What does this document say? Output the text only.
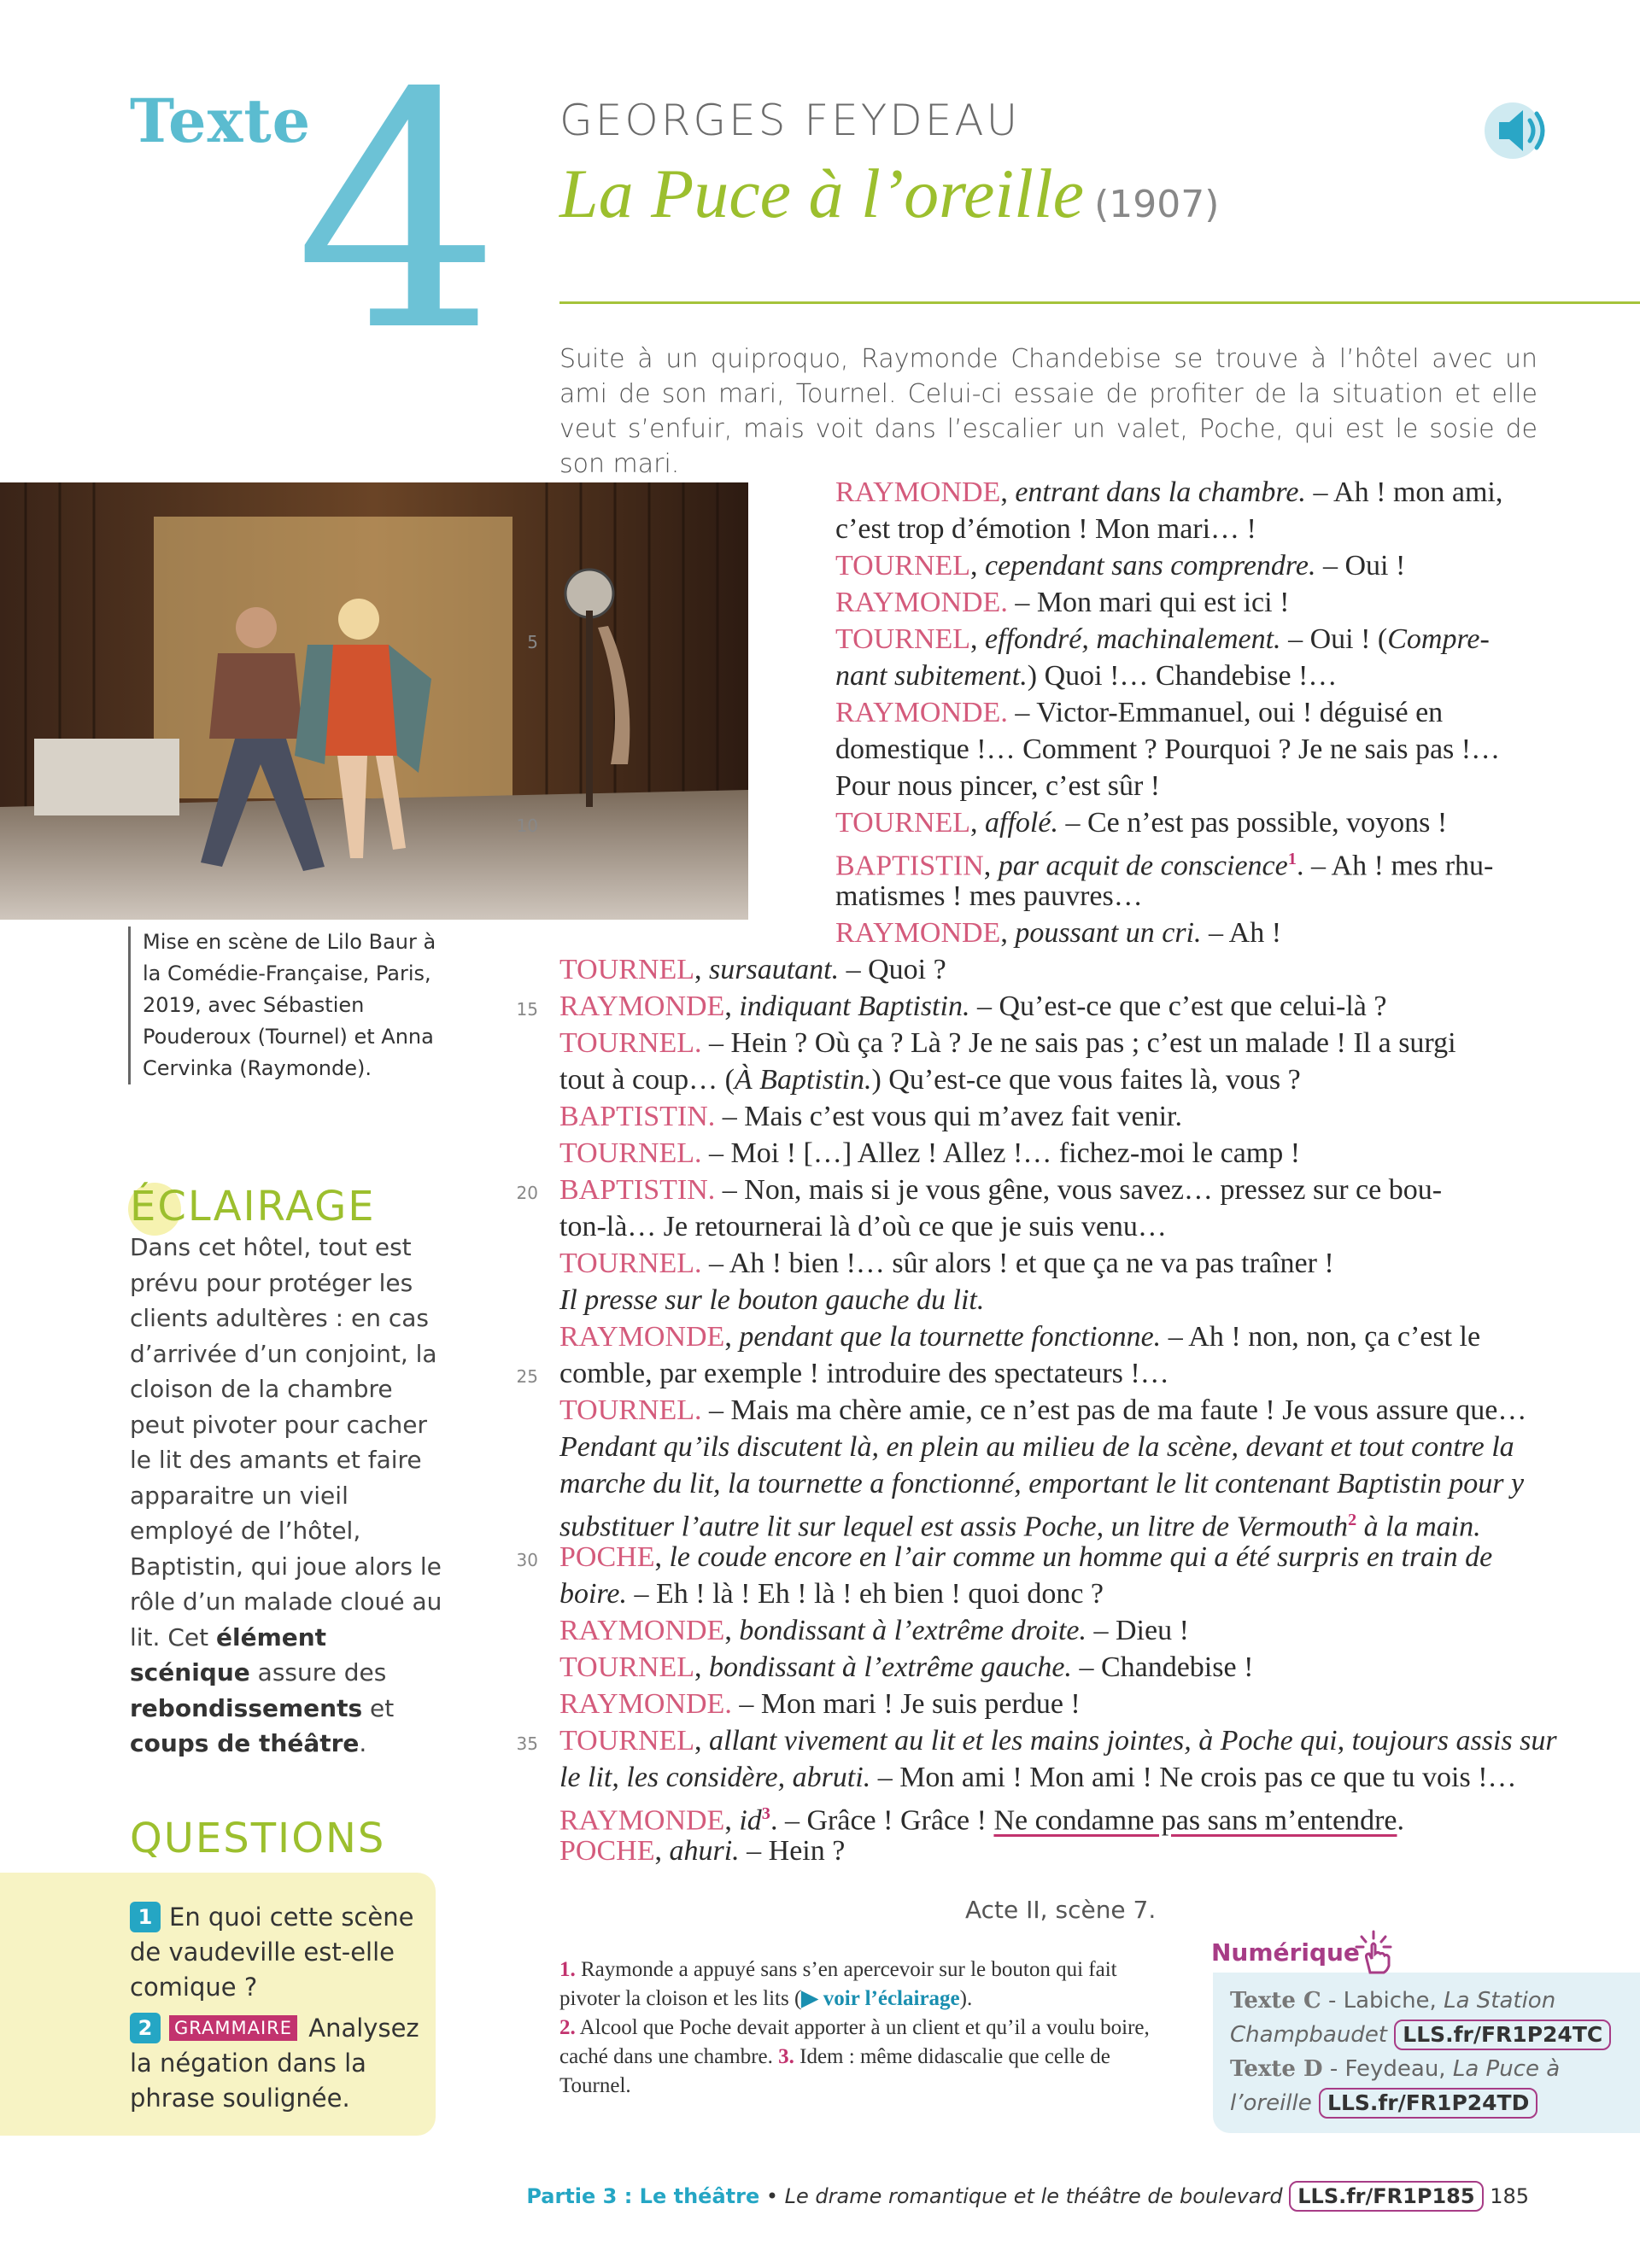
Texte
4 GEORGES FEYDEAU
La Puce à l’oreille (1907)
Suite à un quiproquo, Raymonde Chandebise se trouve à l’hôtel avec un ami de son mari, Tournel. Celui-ci essaie de profiter de la situation et elle veut s’enfuir, mais voit dans l’escalier un valet, Poche, qui est le sosie de son mari.
Mise en scène de Lilo Baur à la Comédie-Française, Paris, 2019, avec Sébastien Pouderoux (Tournel) et Anna Cervinka (Raymonde).
ÉCLAIRAGE
Dans cet hôtel, tout est prévu pour protéger les clients adultères : en cas d’arrivée d’un conjoint, la cloison de la chambre peut pivoter pour cacher le lit des amants et faire apparaitre un vieil employé de l’hôtel, Baptistin, qui joue alors le rôle d’un malade cloué au lit. Cet élément scénique assure des rebondissements et coups de théâtre.
QUESTIONS
1 En quoi cette scène de vaudeville est-elle comique ?
2 GRAMMAIRE Analysez la négation dans la phrase soulignée.
RAYMONDE, entrant dans la chambre. – Ah ! mon ami,
c’est trop d’émotion ! Mon mari… !
TOURNEL, cependant sans comprendre. – Oui !
RAYMONDE. – Mon mari qui est ici !
5	TOURNEL, effondré, machinalement. – Oui ! (Compre-
nant subitement.) Quoi !… Chandebise !…
RAYMONDE. – Victor-Emmanuel, oui ! déguisé en
domestique !… Comment ? Pourquoi ? Je ne sais pas !…
Pour nous pincer, c’est sûr !
10	TOURNEL, affolé. – Ce n’est pas possible, voyons !
BAPTISTIN, par acquit de conscience$^1$. – Ah ! mes rhu-
matismes ! mes pauvres…
RAYMONDE, poussant un cri. – Ah !
TOURNEL, sursautant. – Quoi ?
15 RAYMONDE, indiquant Baptistin. – Qu’est-ce que c’est que celui-là ?
TOURNEL. – Hein ? Où ça ? Là ? Je ne sais pas ; c’est un malade ! Il a surgi
tout à coup… (À Baptistin.) Qu’est-ce que vous faites là, vous ?
BAPTISTIN. – Mais c’est vous qui m’avez fait venir.
TOURNEL. – Moi ! […] Allez ! Allez !… fichez-moi le camp !
20 BAPTISTIN. – Non, mais si je vous gêne, vous savez… pressez sur ce bou-
ton-là… Je retournerai là d’où ce que je suis venu…
TOURNEL. – Ah ! bien !… sûr alors ! et que ça ne va pas traîner !
Il presse sur le bouton gauche du lit.
RAYMONDE, pendant que la tournette fonctionne. – Ah ! non, non, ça c’est le
25 comble, par exemple ! introduire des spectateurs !…
TOURNEL. – Mais ma chère amie, ce n’est pas de ma faute ! Je vous assure que…
Pendant qu’ils discutent là, en plein au milieu de la scène, devant et tout contre la
marche du lit, la tournette a fonctionné, emportant le lit contenant Baptistin pour y
substituer l’autre lit sur lequel est assis Poche, un litre de Vermouth$^2$ à la main.
30 POCHE, le coude encore en l’air comme un homme qui a été surpris en train de
boire. – Eh ! là ! Eh ! là ! eh bien ! quoi donc ?
RAYMONDE, bondissant à l’extrême droite. – Dieu !
TOURNEL, bondissant à l’extrême gauche. – Chandebise !
RAYMONDE. – Mon mari ! Je suis perdue !
35 TOURNEL, allant vivement au lit et les mains jointes, à Poche qui, toujours assis sur
le lit, les considère, abruti. – Mon ami ! Mon ami ! Ne crois pas ce que tu vois !…
RAYMONDE, $id^3$. – Grâce ! Grâce ! Ne condamne pas sans m’entendre.
POCHE, ahuri. – Hein ?
Acte II, scène 7.
1. Raymonde a appuyé sans s’en apercevoir sur le bouton qui fait pivoter la cloison et les lits (▶ voir l’éclairage).
2. Alcool que Poche devait apporter à un client et qu’il a voulu boire, caché dans une chambre. 3. Idem : même didascalie que celle de Tournel.
Numérique
Texte C - Labiche, La Station
Champbaudet LLS.fr/FR1P24TC
Texte D - Feydeau, La Puce à
l’oreille LLS.fr/FR1P24TD
Partie 3 : Le théâtre • Le drame romantique et le théâtre de boulevard LLS.fr/FR1P185 185
